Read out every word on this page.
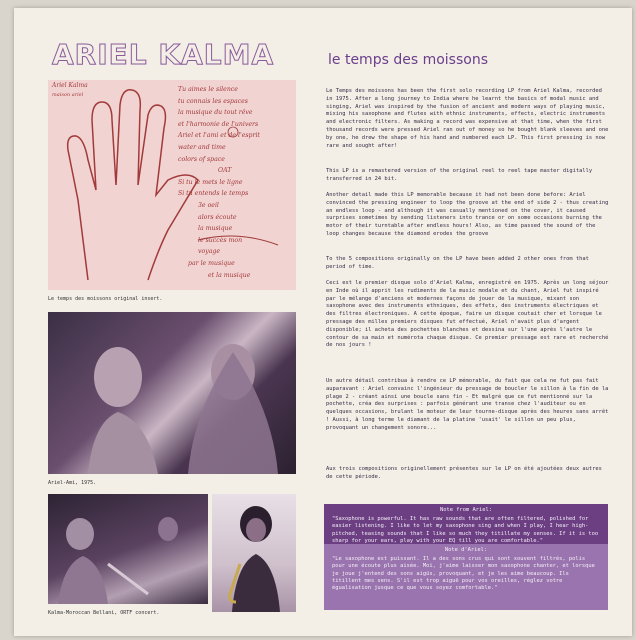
ARIEL KALMA	le temps des moissons
Ariel Kalma
maison ariel
Tu aimes le silence
tu connais les espaces
la musique du tout rêve
et l'harmonie de l'univers
Ariel et l'ami et de l'esprit
water and time
colors of space
OAT
Si tu le mets le ligne
Si tu entends le temps
3e oeil
alors écoute
la musique
le succès mon
voyage
par le musique
et la musique
Le temps des moissons original insert.
Ariel-Ami, 1975.
Kalma-Moroccan Bellani, ORTF concert.
Le Temps des moissons has been the first solo recording LP from Ariel Kalma, recorded in 1975. After a long journey to India where he learnt the basics of modal music and singing, Ariel was inspired by the fusion of ancient and modern ways of playing music, mixing his saxophone and flutes with ethnic instruments, effects, electric instruments and electronic filters. As making a record was expensive at that time, when the first thousand records were pressed Ariel ran out of money so he bought blank sleeves and one by one, he drew the shape of his hand and numbered each LP. This first pressing is now rare and sought after!
This LP is a remastered version of the original reel to reel tape master digitally transferred in 24 bit.
Another detail made this LP memorable because it had not been done before: Ariel convinced the pressing engineer to loop the groove at the end of side 2 - thus creating an endless loop - and although it was casually mentioned on the cover, it caused surprises sometimes by sending listeners into trance or on some occasions burning the motor of their turntable after endless hours! Also, as time passed the sound of the loop changes because the diamond erodes the groove
To the 5 compositions originally on the LP have been added 2 other ones from that period of time.
Ceci est le premier disque solo d'Ariel Kalma, enregistré en 1975. Après un long séjour en Inde où il apprit les rudiments de la music modale et du chant, Ariel fut inspiré par le mélange d'anciens et modernes façons de jouer de la musique, mixant son saxophone avec des instruments ethniques, des effets, des instruments électriques et des filtres électroniques. A cette époque, faire un disque coutait cher et lorsque le pressage des milles premiers disques fut effectué, Ariel n'avait plus d'argent disponible; il acheta des pochettes blanches et dessina sur l'une après l'autre le contour de sa main et numérota chaque disque. Ce premier pressage est rare et recherché de nos jours !
Un autre détail contribua à rendre ce LP mémorable, du fait que cela ne fut pas fait auparavant : Ariel convainc l'ingénieur du pressage de boucler le sillon à la fin de la plage 2 - créant ainsi une boucle sans fin - Et malgré que ce fut mentionné sur la pochette, créa des surprises : parfois générant une transe chez l'auditeur ou en quelques occasions, brulant le moteur de leur tourne-disque après des heures sans arrêt ! Aussi, à long terme le diamant de la platine 'usait' le sillon un peu plus, provoquant un changement sonore...
Aux trois compositions originellement présentes sur le LP on été ajoutées deux autres de cette période.
Note from Ariel:

"Saxophone is powerful. It has raw sounds that are often filtered, polished for easier listening. I like to let my saxophone sing and when I play, I hear high-pitched, teasing sounds that I like so much they titillate my senses. If it is too sharp for your ears, play with your EQ till you are comfortable."

Note d'Ariel:

"Le saxophone est puissant. Il a des sons crus qui sont souvent filtrés, polis pour une écoute plus aisée. Moi, j'aime laisser mon saxophone chanter, et lorsque je joue j'entend des sons aigüs, provoquant, et je les aime beaucoup. Ils titillent mes sens. S'il est trop aiguë pour vos oreilles, réglez votre égualisation jusque ce que vous soyez comfortable."
